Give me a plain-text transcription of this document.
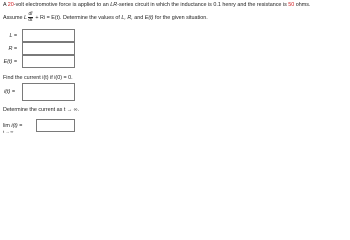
A 20-volt electromotive force is applied to an LR-series circuit in which the inductance is 0.1 henry and the resistance is 50 ohms.
Assume L $\frac{di}{dt} + Ri = E(t)$. Determine the values of L, R, and E(t) for the given situation.
L =
R =
E(t) =
Find the current i(t) if i(0) = 0.
i(t) =
Determine the current as t → ∞.
lim i(t) =
t → ∞
